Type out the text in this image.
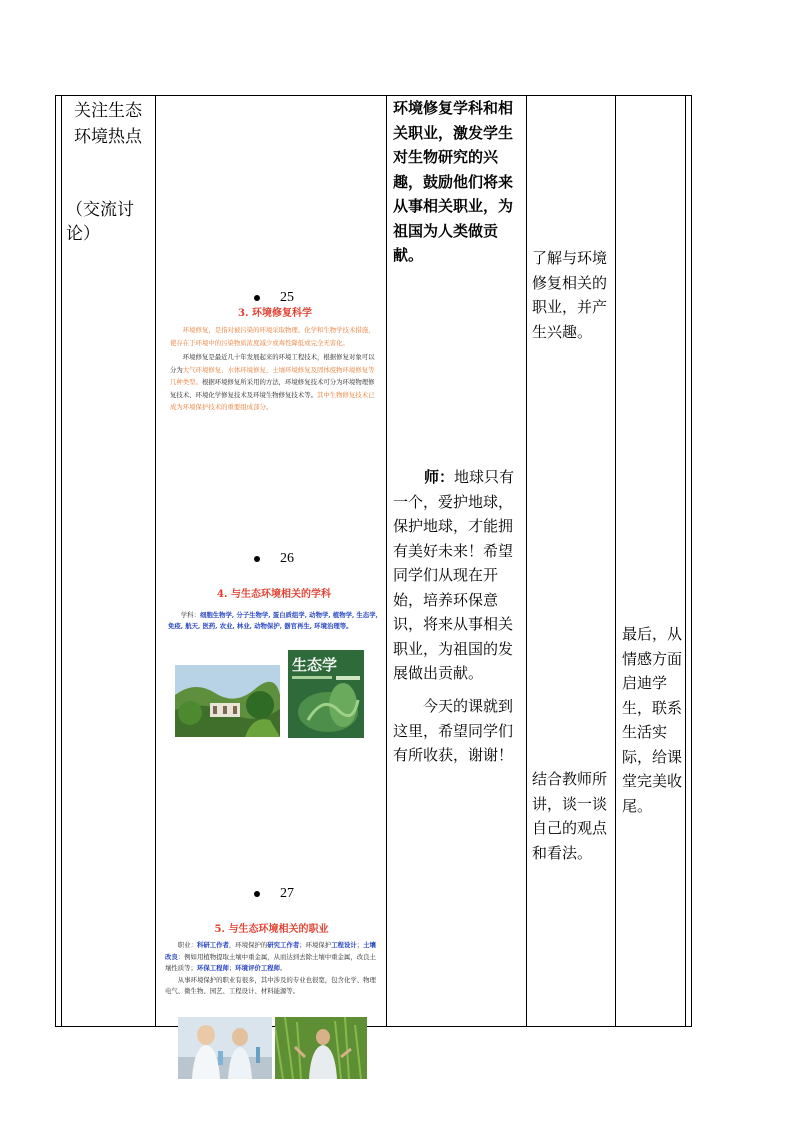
关注生态
环境热点
（交流讨
论）
环境修复学科和相
关职业，激发学生
对生物研究的兴
趣，鼓励他们将来
从事相关职业，为
祖国为人类做贡
献。
师：地球只有
一个，爱护地球，
保护地球，才能拥
有美好未来！希望
同学们从现在开
始，培养环保意
识，将来从事相关
职业，为祖国的发
展做出贡献。
今天的课就到
这里，希望同学们
有所收获，谢谢！
了解与环境
修复相关的
职业，并产
生兴趣。
结合教师所
讲，谈一谈
自己的观点
和看法。
最后，从
情感方面
启迪学
生，联系
生活实
际，给课
堂完美收
尾。
25
3. 环境修复科学
环境修复，是指对被污染的环境采取物理、化学和生物学技术措施，使存在于环境中的污染物质浓度减少或毒性降低或完全无害化。
环境修复是最近几十年发展起来的环境工程技术，根据修复对象可以分为大气环境修复、水体环境修复、土壤环境修复及固体废物环境修复等几种类型。根据环境修复所采用的方法，环境修复技术可分为环境物理修复技术、环境化学修复技术及环境生物修复技术等。其中生物修复技术已成为环境保护技术的重要组成部分。
26
4. 与生态环境相关的学科
学科：细胞生物学, 分子生物学, 蛋白质组学, 动物学, 植物学, 生态学, 免疫, 航天, 医药, 农业, 林业, 动物保护, 器官再生, 环境治理等。
生态学
27
5. 与生态环境相关的职业
职业：科研工作者，环境保护的研究工作者；环境保护工程设计；土壤改良：例如用植物提取土壤中重金属，从而达到去除土壤中重金属，改良土壤性质等；环保工程师；环境评价工程师。
从事环境保护的职业有很多，其中涉及的专业也很宽，包含化学、物理电气、微生物、园艺、工程设计、材料能源等。
